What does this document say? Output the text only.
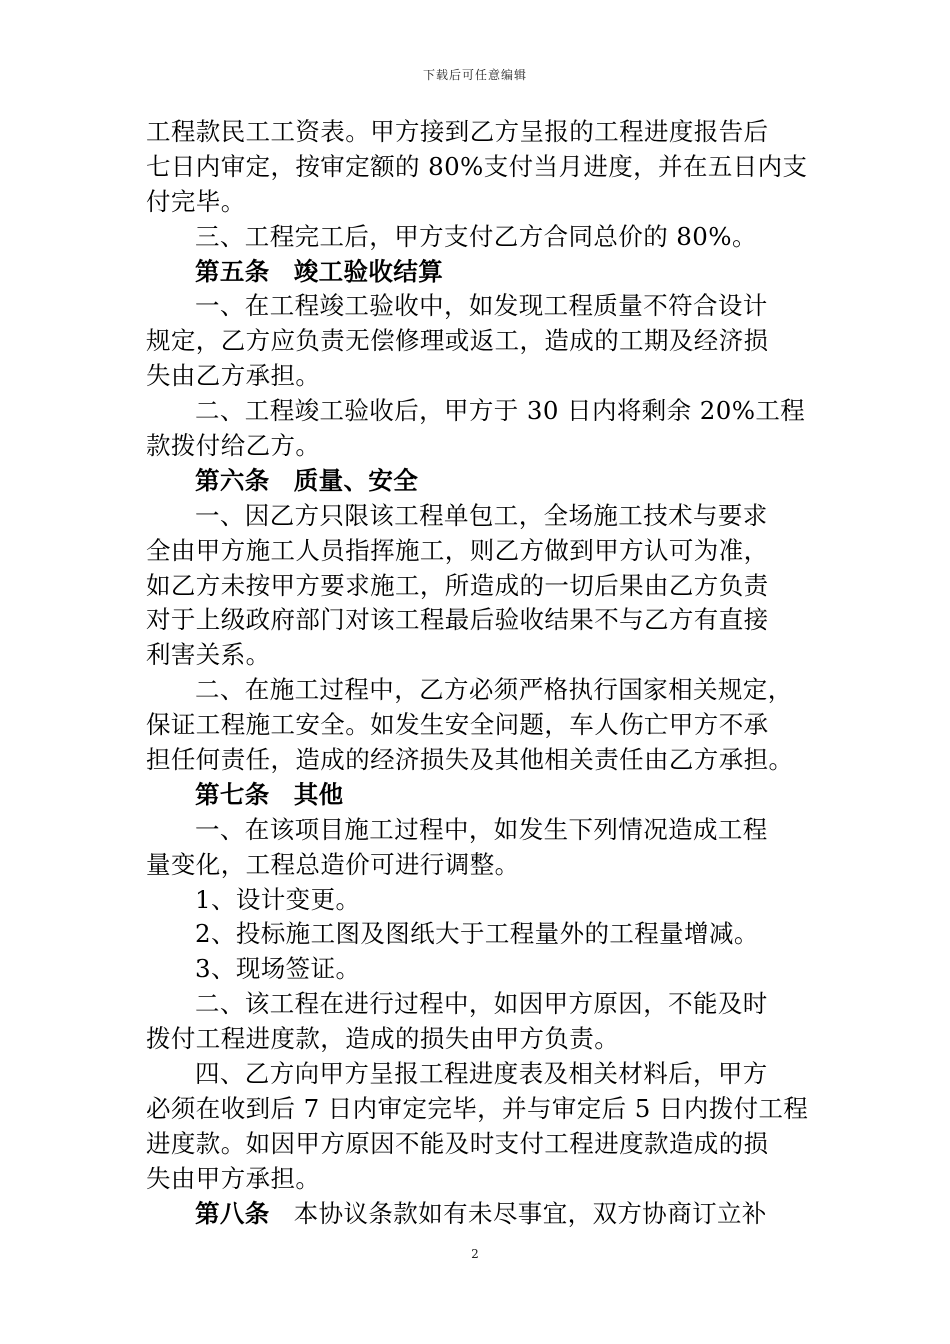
下载后可任意编辑
工程款民工工资表。甲方接到乙方呈报的工程进度报告后
七日内审定，按审定额的 80%支付当月进度，并在五日内支
付完毕。
三、工程完工后，甲方支付乙方合同总价的 80%。
第五条 竣工验收结算
一、在工程竣工验收中，如发现工程质量不符合设计
规定，乙方应负责无偿修理或返工，造成的工期及经济损
失由乙方承担。
二、工程竣工验收后，甲方于 30 日内将剩余 20%工程
款拨付给乙方。
第六条 质量、安全
一、因乙方只限该工程单包工，全场施工技术与要求
全由甲方施工人员指挥施工，则乙方做到甲方认可为准，
如乙方未按甲方要求施工，所造成的一切后果由乙方负责
对于上级政府部门对该工程最后验收结果不与乙方有直接
利害关系。
二、在施工过程中，乙方必须严格执行国家相关规定，
保证工程施工安全。如发生安全问题，车人伤亡甲方不承
担任何责任，造成的经济损失及其他相关责任由乙方承担。
第七条 其他
一、在该项目施工过程中，如发生下列情况造成工程
量变化，工程总造价可进行调整。
1、设计变更。
2、投标施工图及图纸大于工程量外的工程量增减。
3、现场签证。
二、该工程在进行过程中，如因甲方原因，不能及时
拨付工程进度款，造成的损失由甲方负责。
四、乙方向甲方呈报工程进度表及相关材料后，甲方
必须在收到后 7 日内审定完毕，并与审定后 5 日内拨付工程
进度款。如因甲方原因不能及时支付工程进度款造成的损
失由甲方承担。
第八条 本协议条款如有未尽事宜，双方协商订立补
2
